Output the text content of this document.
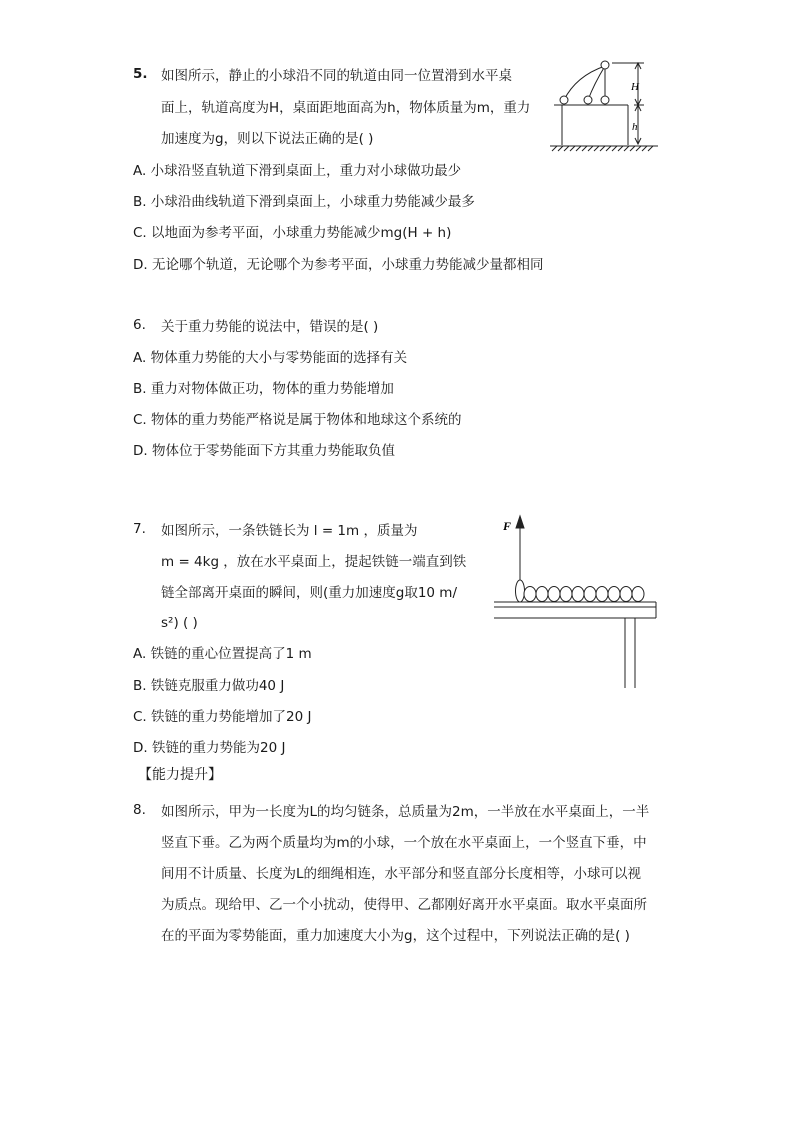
5. 如图所示，静止的小球沿不同的轨道由同一位置滑到水平桌
面上，轨道高度为H，桌面距地面高为h，物体质量为m，重力
加速度为g，则以下说法正确的是( )
A. 小球沿竖直轨道下滑到桌面上，重力对小球做功最少
B. 小球沿曲线轨道下滑到桌面上，小球重力势能减少最多
C. 以地面为参考平面，小球重力势能减少mg(H + h)
D. 无论哪个轨道，无论哪个为参考平面，小球重力势能减少量都相同
H
h
6. 关于重力势能的说法中，错误的是( )
A. 物体重力势能的大小与零势能面的选择有关
B. 重力对物体做正功，物体的重力势能增加
C. 物体的重力势能严格说是属于物体和地球这个系统的
D. 物体位于零势能面下方其重力势能取负值
7. 如图所示，一条铁链长为 l = 1m ，质量为
m = 4kg ，放在水平桌面上，提起铁链一端直到铁
链全部离开桌面的瞬间，则(重力加速度g取10 m/
s²) ( )
A. 铁链的重心位置提高了1 m
B. 铁链克服重力做功40 J
C. 铁链的重力势能增加了20 J
D. 铁链的重力势能为20 J
F
【能力提升】
8. 如图所示，甲为一长度为L的均匀链条，总质量为2m，一半放在水平桌面上，一半
竖直下垂。乙为两个质量均为m的小球，一个放在水平桌面上，一个竖直下垂，中
间用不计质量、长度为L的细绳相连，水平部分和竖直部分长度相等，小球可以视
为质点。现给甲、乙一个小扰动，使得甲、乙都刚好离开水平桌面。取水平桌面所
在的平面为零势能面，重力加速度大小为g，这个过程中，下列说法正确的是( )
